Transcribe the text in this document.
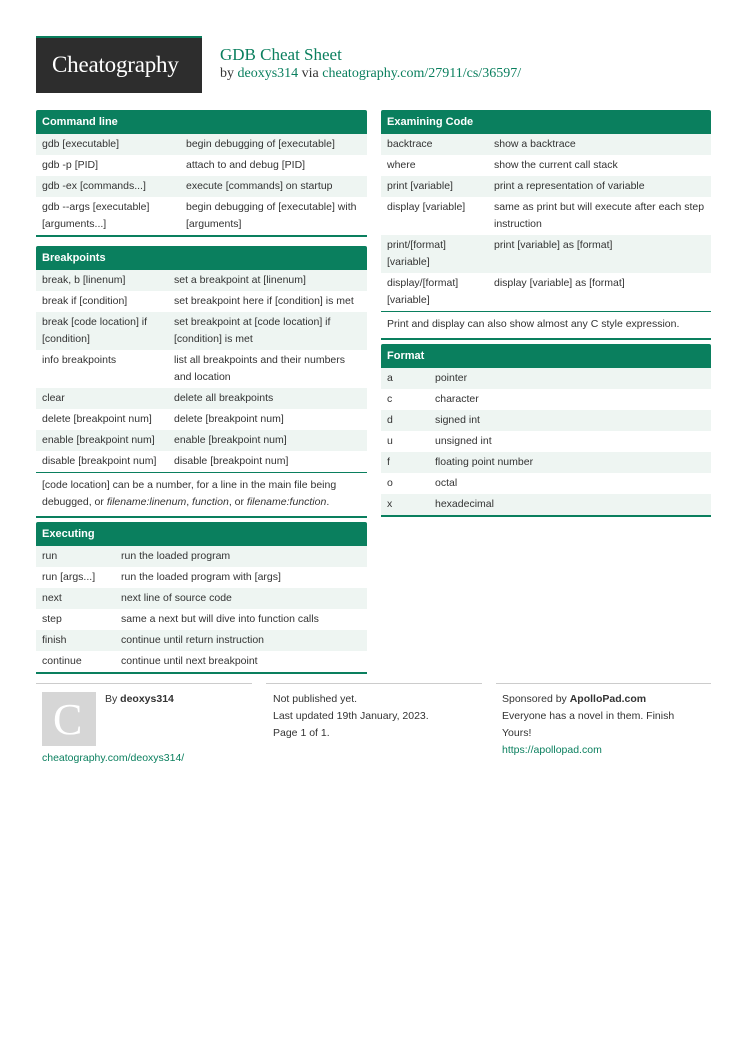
Cheatography GDB Cheat Sheet
by deoxys314 via cheatography.com/27911/cs/36597/
Command line
gdb [executable]	begin debugging of [executable]
gdb -p [PID]	attach to and debug [PID]
gdb -ex [commands...]	execute [commands] on startup
gdb --args [executable] [arguments...]	begin debugging of [executable] with [arguments]
Breakpoints
break, b [linenum]	set a breakpoint at [linenum]
break if [condition]	set breakpoint here if [condition] is met
break [code location] if [condition]	set breakpoint at [code location] if [condition] is met
info breakpoints	list all breakpoints and their numbers and location
clear	delete all breakpoints
delete [breakpoint num]	delete [breakpoint num]
enable [breakpoint num]	enable [breakpoint num]
disable [breakpoint num]	disable [breakpoint num]
[code location] can be a number, for a line in the main file being debugged, or filename:linenum, function, or filename:function.
Executing
run	run the loaded program
run [args...]	run the loaded program with [args]
next	next line of source code
step	same a next but will dive into function calls
finish	continue until return instruction
continue	continue until next breakpoint
Examining Code
backtrace	show a backtrace
where	show the current call stack
print [variable]	print a representation of variable
display [variable]	same as print but will execute after each step instruction
print/[format] [variable]	print [variable] as [format]
display/[format] [variable]	display [variable] as [format]
Print and display can also show almost any C style expression.
Format
a	pointer
c	character
d	signed int
u	unsigned int
f	floating point number
o	octal
x	hexadecimal
C By deoxys314
cheatography.com/deoxys314/
Not published yet.
Last updated 19th January, 2023.
Page 1 of 1.
Sponsored by ApolloPad.com
Everyone has a novel in them. Finish Yours!
https://apollopad.com
